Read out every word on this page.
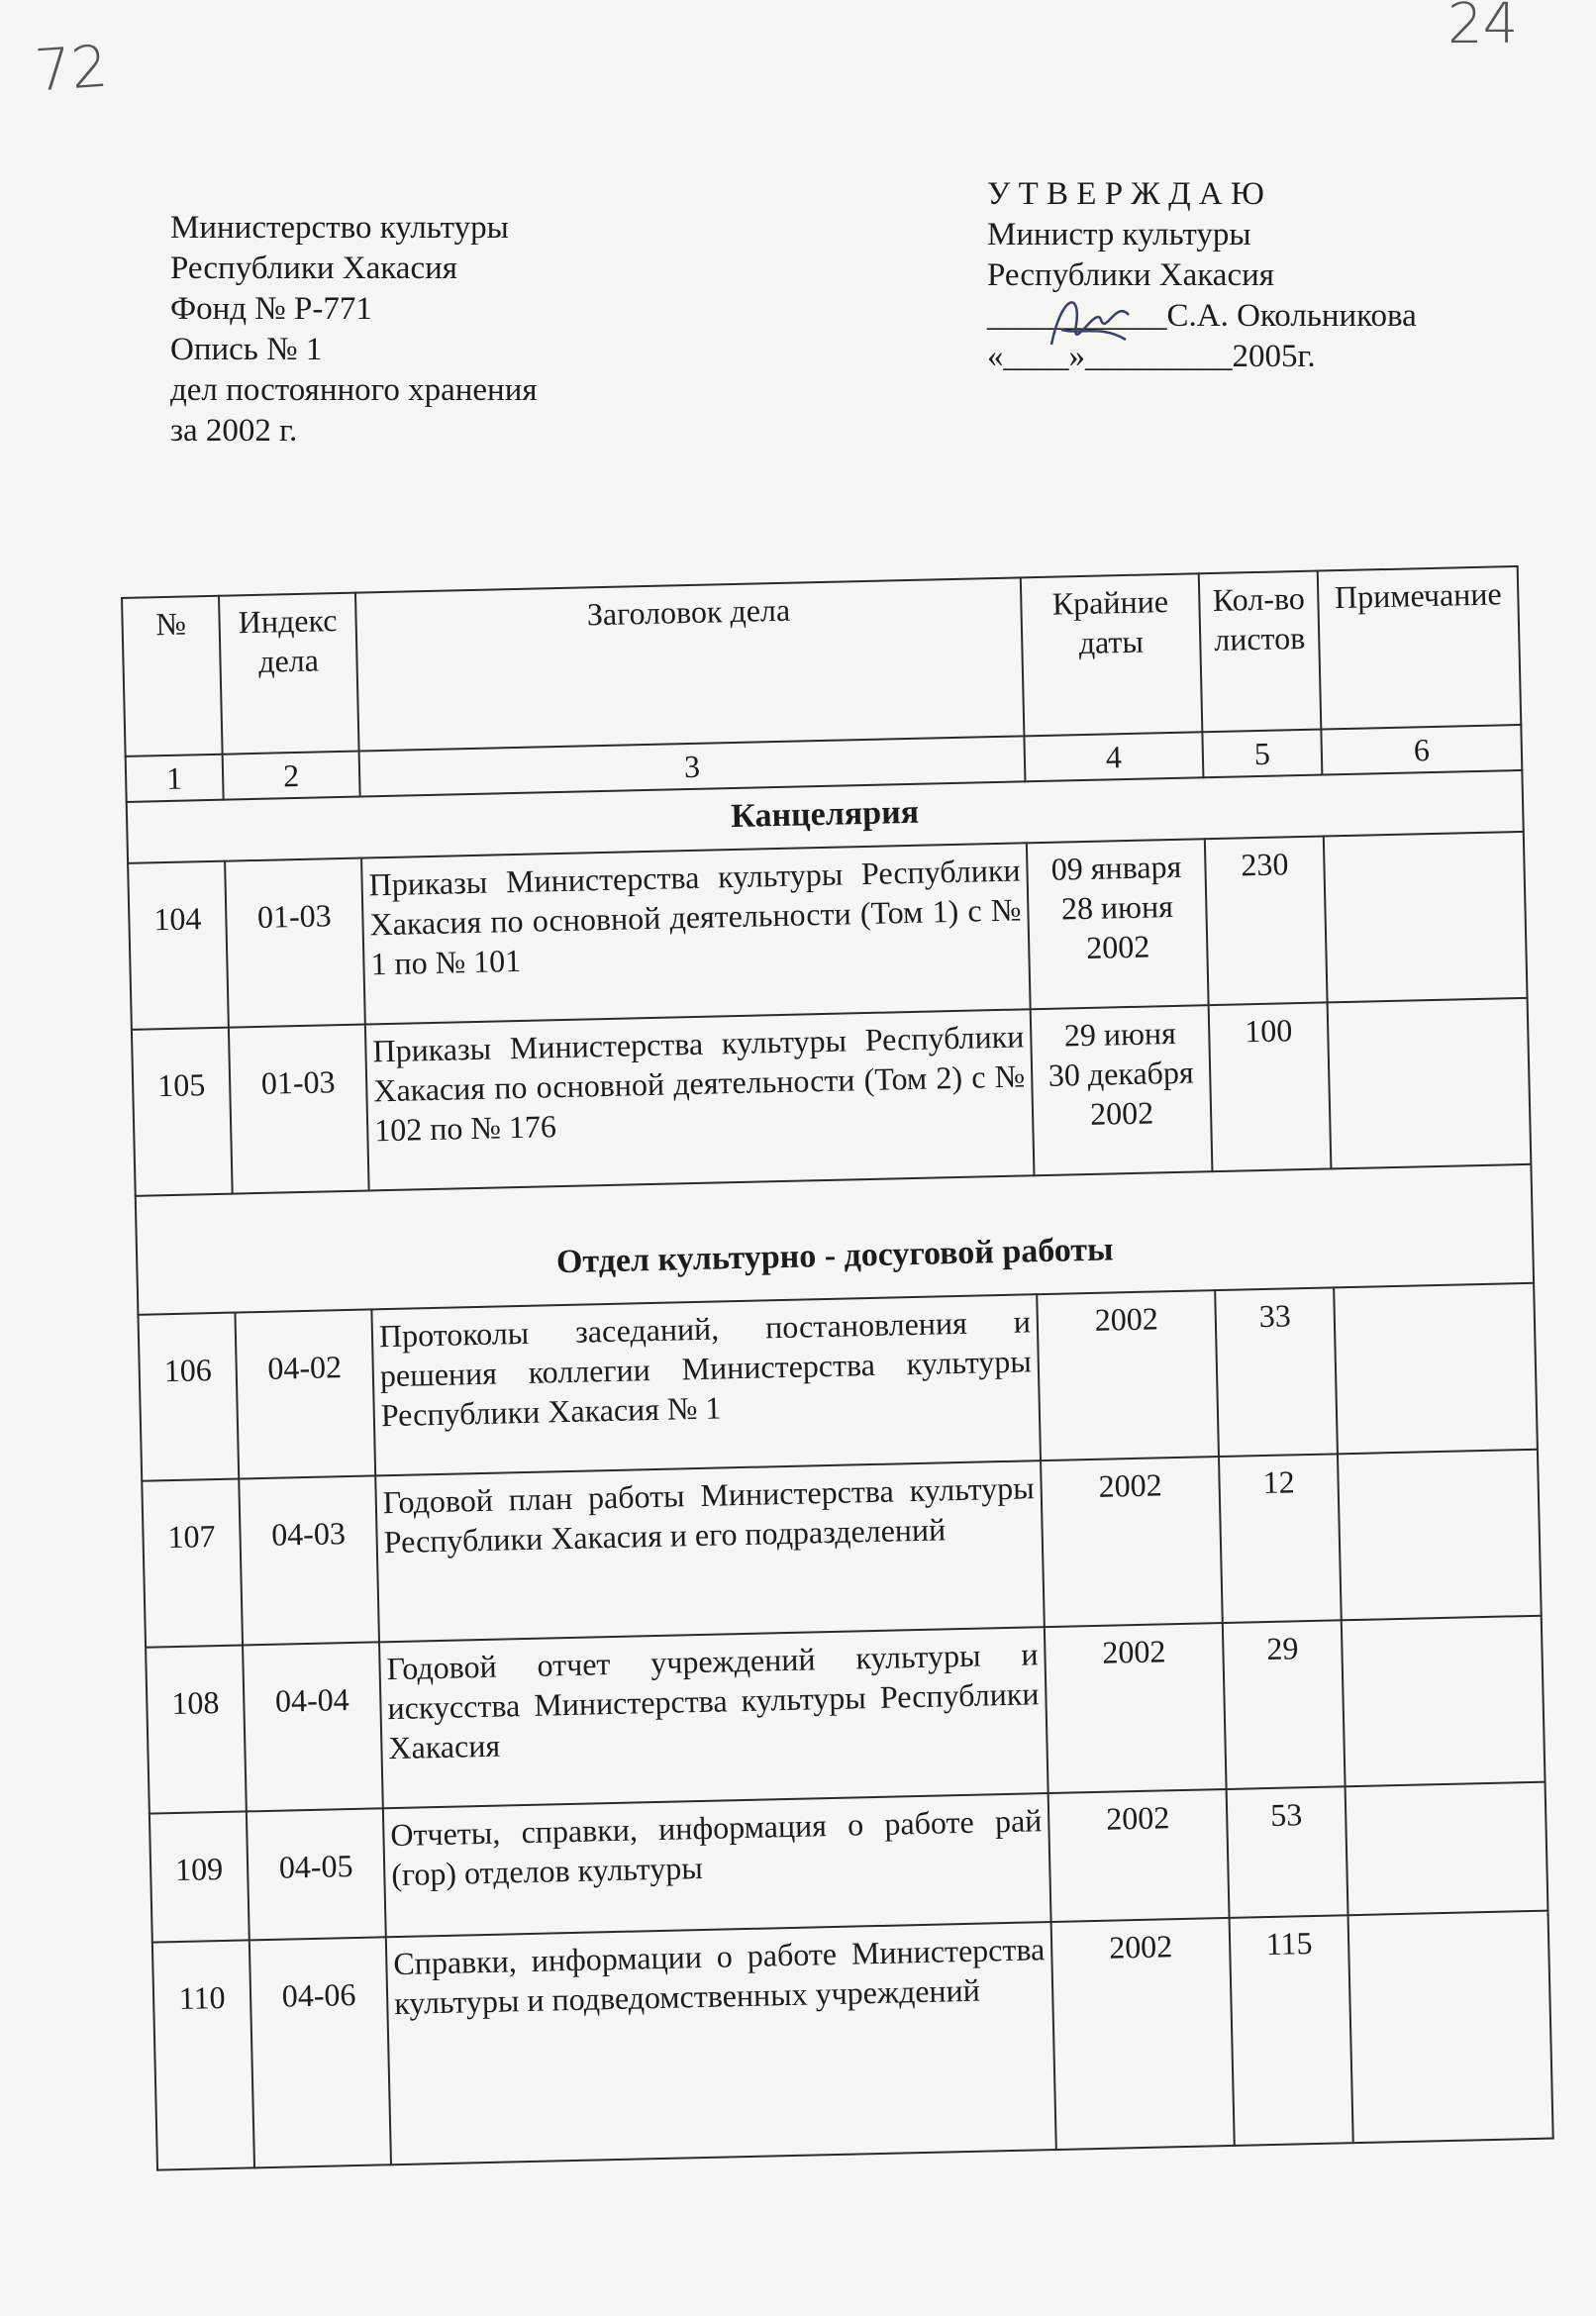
72
24
Министерство культуры
Республики Хакасия
Фонд № Р-771
Опись № 1
дел постоянного хранения
за 2002 г.
У Т В Е Р Ж Д А Ю
Министр культуры
Республики Хакасия
___________С.А. Окольникова
«____»_________2005г.
№	Индекс дела	Заголовок дела	Крайние даты	Кол-во листов	Примечание
1	2	3	4	5	6
Канцелярия					
104	01-03	Приказы Министерства культуры Республики Хакасия по основной деятельности (Том 1) с № 1 по № 101	09 января
28 июня
2002	230	
105	01-03	Приказы Министерства культуры Республики Хакасия по основной деятельности (Том 2) с № 102 по № 176	29 июня
30 декабря
2002	100	
Отдел культурно - досуговой работы					
106	04-02	Протоколы заседаний, постановления и решения коллегии Министерства культуры Республики Хакасия № 1	2002	33	
107	04-03	Годовой план работы Министерства культуры Республики Хакасия и его подразделений	2002	12	
108	04-04	Годовой отчет учреждений культуры и искусства Министерства культуры Республики Хакасия	2002	29	
109	04-05	Отчеты, справки, информация о работе рай (гор) отделов культуры	2002	53	
110	04-06	Справки, информации о работе Министерства культуры и подведомственных учреждений	2002	115	
